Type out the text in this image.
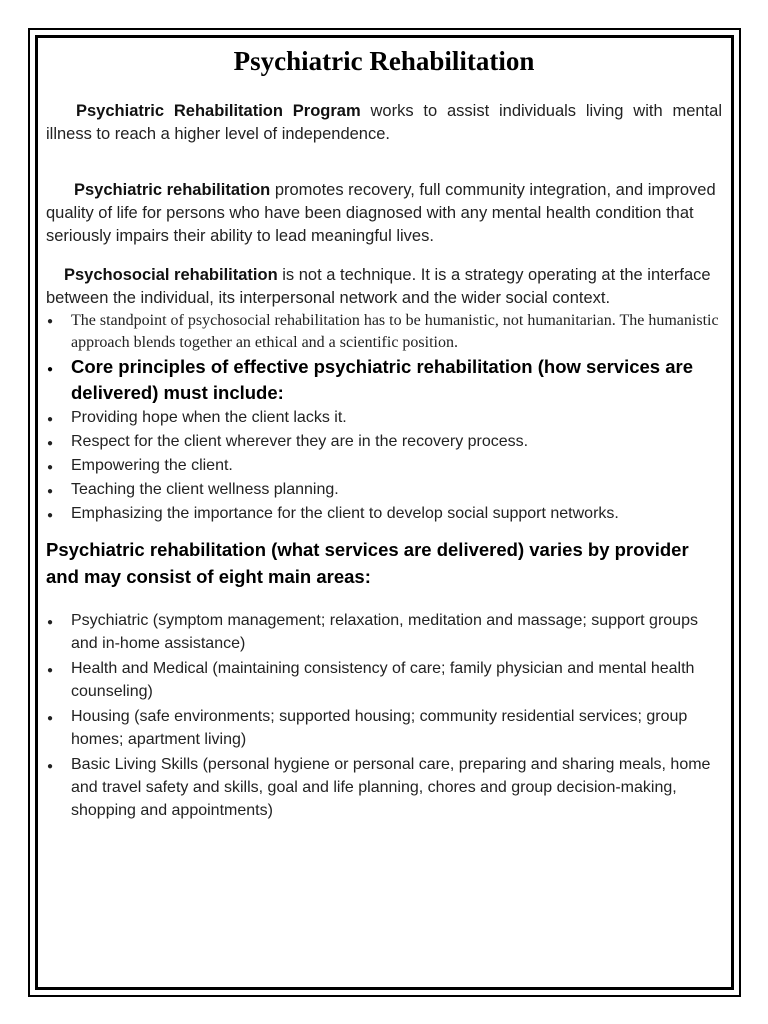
Psychiatric Rehabilitation

Psychiatric Rehabilitation Program works to assist individuals living with mental illness to reach a higher level of independence.

Psychiatric rehabilitation promotes recovery, full community integration, and improved quality of life for persons who have been diagnosed with any mental health condition that seriously impairs their ability to lead meaningful lives.

Psychosocial rehabilitation is not a technique. It is a strategy operating at the interface between the individual, its interpersonal network and the wider social context.

● The standpoint of psychosocial rehabilitation has to be humanistic, not humanitarian. The humanistic approach blends together an ethical and a scientific position.
● Core principles of effective psychiatric rehabilitation (how services are delivered) must include:
● Providing hope when the client lacks it.
● Respect for the client wherever they are in the recovery process.
● Empowering the client.
● Teaching the client wellness planning.
● Emphasizing the importance for the client to develop social support networks.

Psychiatric rehabilitation (what services are delivered) varies by provider and may consist of eight main areas:

● Psychiatric (symptom management; relaxation, meditation and massage; support groups and in-home assistance)
● Health and Medical (maintaining consistency of care; family physician and mental health counseling)
● Housing (safe environments; supported housing; community residential services; group homes; apartment living)
● Basic Living Skills (personal hygiene or personal care, preparing and sharing meals, home and travel safety and skills, goal and life planning, chores and group decision-making, shopping and appointments)
